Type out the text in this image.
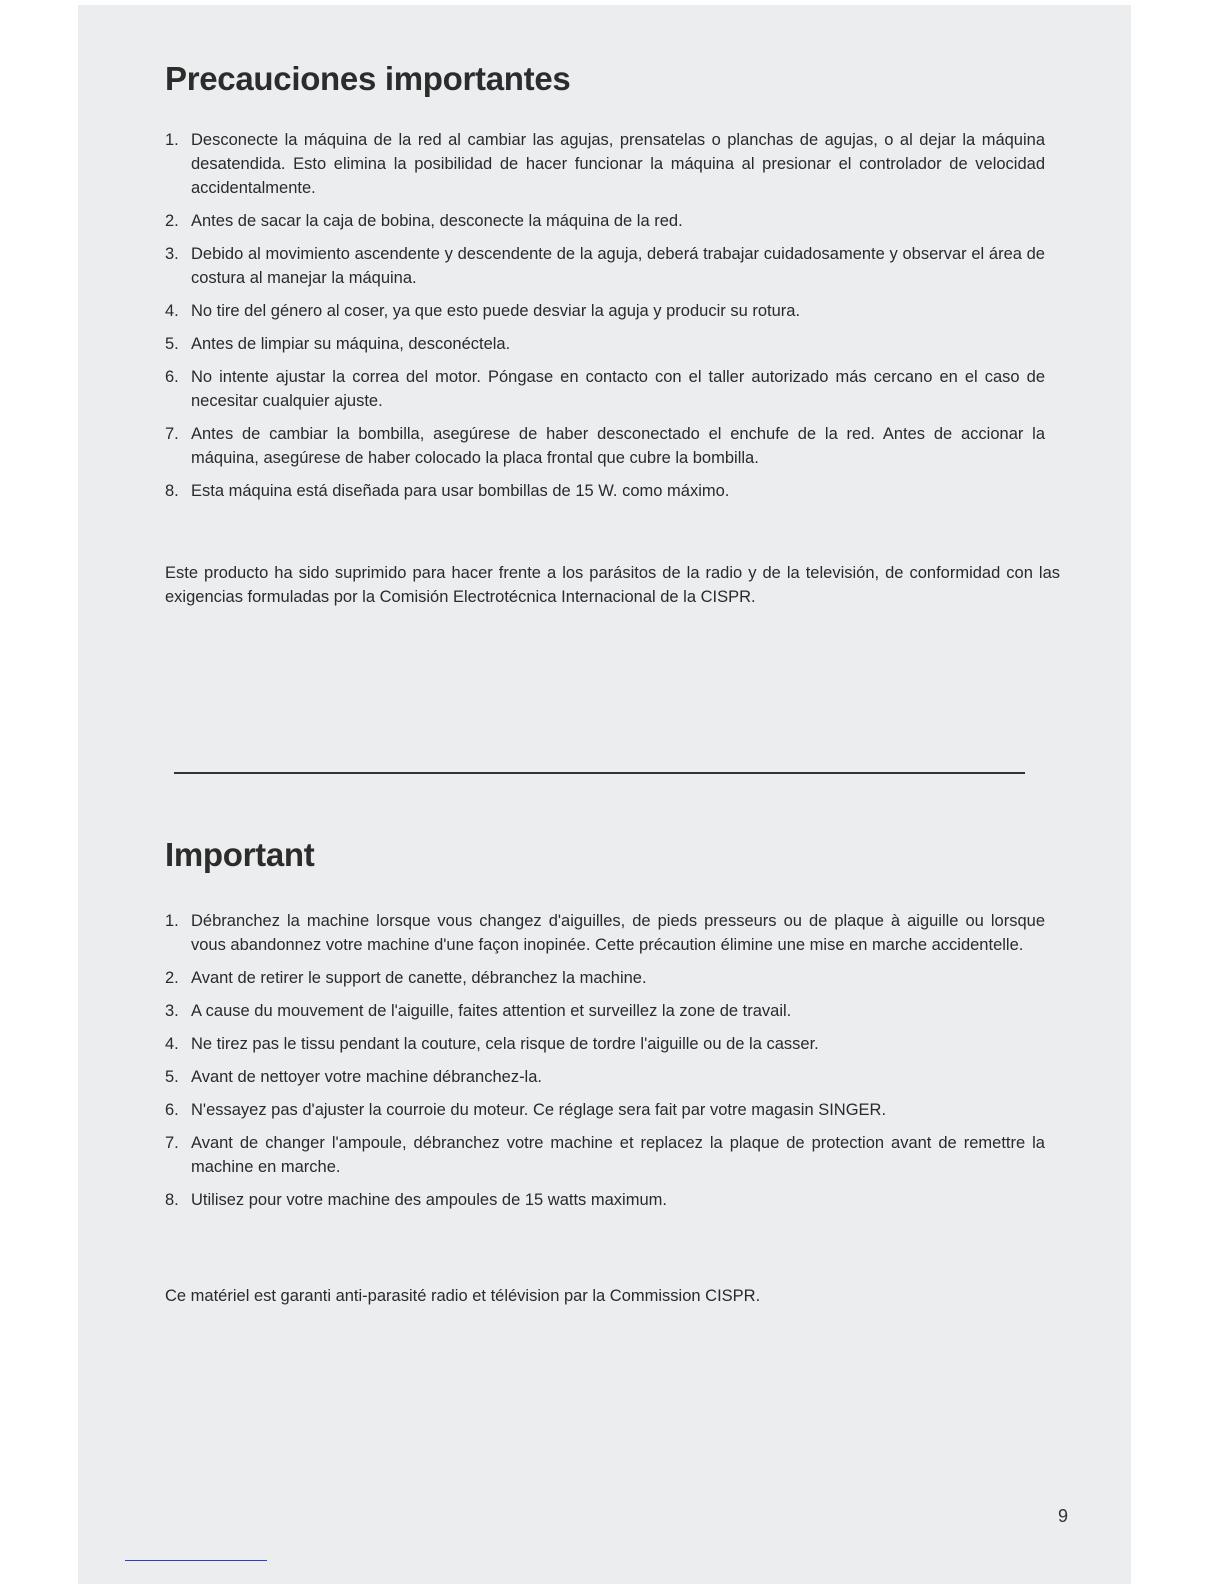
Precauciones importantes
1. Desconecte la máquina de la red al cambiar las agujas, prensatelas o planchas de agujas, o al dejar la máquina desatendida. Esto elimina la posibilidad de hacer funcionar la máquina al presionar el controlador de velocidad accidentalmente.
2. Antes de sacar la caja de bobina, desconecte la máquina de la red.
3. Debido al movimiento ascendente y descendente de la aguja, deberá trabajar cuidadosamente y observar el área de costura al manejar la máquina.
4. No tire del género al coser, ya que esto puede desviar la aguja y producir su rotura.
5. Antes de limpiar su máquina, desconéctela.
6. No intente ajustar la correa del motor. Póngase en contacto con el taller autorizado más cercano en el caso de necesitar cualquier ajuste.
7. Antes de cambiar la bombilla, asegúrese de haber desconectado el enchufe de la red. Antes de accionar la máquina, asegúrese de haber colocado la placa frontal que cubre la bombilla.
8. Esta máquina está diseñada para usar bombillas de 15 W. como máximo.

Este producto ha sido suprimido para hacer frente a los parásitos de la radio y de la televisión, de conformidad con las exigencias formuladas por la Comisión Electrotécnica Internacional de la CISPR.

Important
1. Débranchez la machine lorsque vous changez d'aiguilles, de pieds presseurs ou de plaque à aiguille ou lorsque vous abandonnez votre machine d'une façon inopinée. Cette précaution élimine une mise en marche accidentelle.
2. Avant de retirer le support de canette, débranchez la machine.
3. A cause du mouvement de l'aiguille, faites attention et surveillez la zone de travail.
4. Ne tirez pas le tissu pendant la couture, cela risque de tordre l'aiguille ou de la casser.
5. Avant de nettoyer votre machine débranchez-la.
6. N'essayez pas d'ajuster la courroie du moteur. Ce réglage sera fait par votre magasin SINGER.
7. Avant de changer l'ampoule, débranchez votre machine et replacez la plaque de protection avant de remettre la machine en marche.
8. Utilisez pour votre machine des ampoules de 15 watts maximum.

Ce matériel est garanti anti-parasité radio et télévision par la Commission CISPR.

9
